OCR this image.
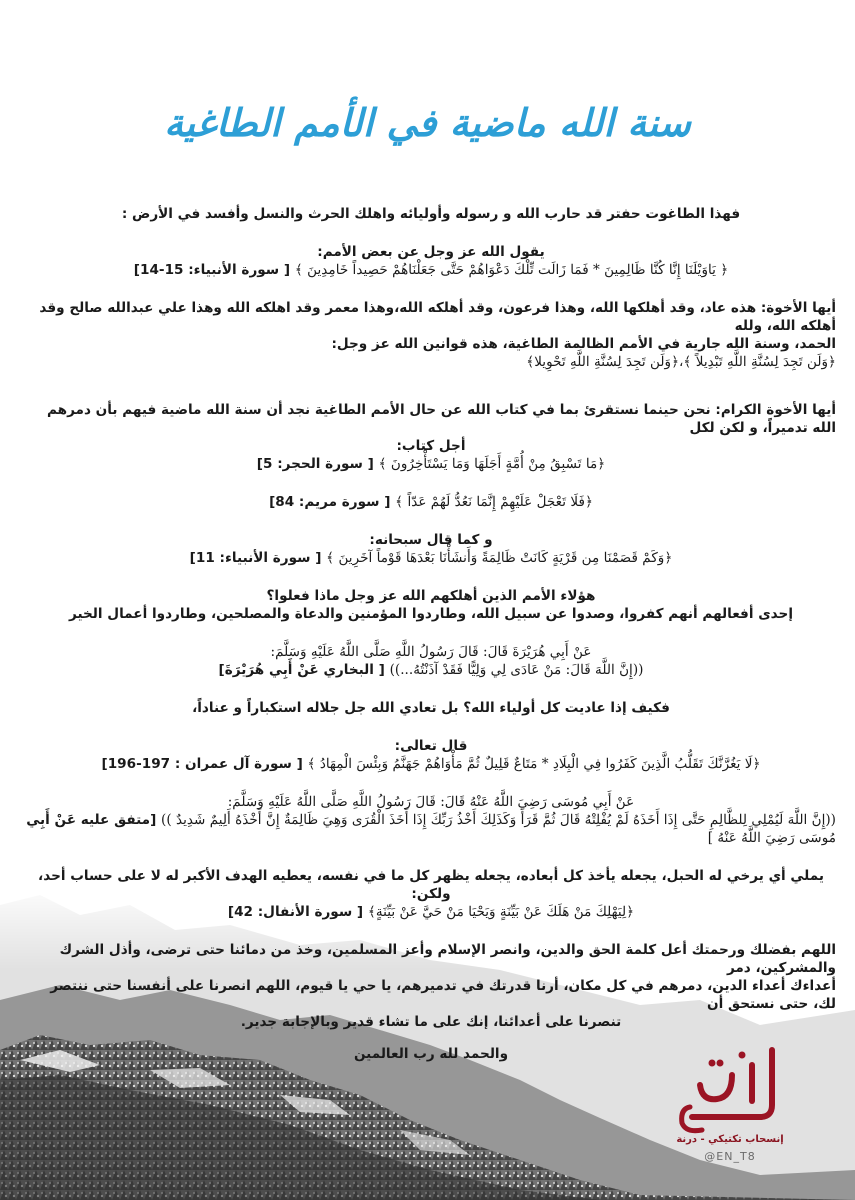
سنة الله ماضية في الأمم الطاغية
فهذا الطاغوت حفتر قد حارب الله و رسوله وأوليائه واهلك الحرث والنسل وأفسد في الأرض :
يقول الله عز وجل عن بعض الأمم:
﴿ يَاوَيْلَنَا إِنَّا كُنَّا ظَالِمِينَ * فَمَا زَالَت تِّلْكَ دَعْوَاهُمْ حَتَّى جَعَلْنَاهُمْ حَصِيداً خَامِدِينَ ﴾ [ سورة الأنبياء: 15-14]
أيها الأخوة: هذه عاد، وقد أهلكها الله، وهذا فرعون، وقد أهلكه الله،وهذا معمر وقد اهلكه الله وهذا علي عبدالله صالح وقد أهلكه الله، ولله
الحمد، وسنة الله جارية في الأمم الظالمة الطاغية، هذه قوانين الله عز وجل:
﴿وَلَن تَجِدَ لِسُنَّةِ اللَّهِ تَبْدِيلاً ﴾،﴿وَلَن تَجِدَ لِسُنَّةِ اللَّهِ تَحْوِيلا﴾
أيها الأخوة الكرام: نحن حينما نستقرئ بما في كتاب الله عن حال الأمم الطاغية نجد أن سنة الله ماضية فيهم بأن دمرهم الله تدميراً، و لكن لكل
أجل كتاب:
﴿مَا تَسْبِقُ مِنْ أُمَّةٍ أَجَلَهَا وَمَا يَسْتَأْخِرُونَ ﴾ [ سورة الحجر: 5]
﴿فَلَا تَعْجَلْ عَلَيْهِمْ إِنَّمَا نَعُدُّ لَهُمْ عَدّاً ﴾ [ سورة مريم: 84]
و كما قال سبحانه:
﴿وَكَمْ قَصَمْنَا مِن قَرْيَةٍ كَانَتْ ظَالِمَةً وَأَنشَأْنَا بَعْدَهَا قَوْماً آخَرِينَ ﴾ [ سورة الأنبياء: 11]
هؤلاء الأمم الذين أهلكهم الله عز وجل ماذا فعلوا؟
إحدى أفعالهم أنهم كفروا، وصدوا عن سبيل الله، وطاردوا المؤمنين والدعاة والمصلحين، وطاردوا أعمال الخير
عَنْ أَبِي هُرَيْرَةَ قَالَ: قَالَ رَسُولُ اللَّهِ صَلَّى اللَّهُ عَلَيْهِ وَسَلَّمَ:
((إِنَّ اللَّهَ قَالَ: مَنْ عَادَى لِي وَلِيًّا فَقَدْ آذَنْتُهُ...)) [ البخاري عَنْ أَبِي هُرَيْرَةَ]
فكيف إذا عاديت كل أولياء الله؟ بل تعادي الله جل جلاله استكباراً و عناداً،
قال تعالى:
﴿لَا يَغُرَّنَّكَ تَقَلُّبُ الَّذِينَ كَفَرُوا فِي الْبِلَادِ * مَتَاعٌ قَلِيلٌ ثُمَّ مَأْوَاهُمْ جَهَنَّمُ وَبِئْسَ الْمِهَادُ ﴾ [ سورة آل عمران : 197-196]
عَنْ أَبِي مُوسَى رَضِيَ اللَّهُ عَنْهُ قَالَ: قَالَ رَسُولُ اللَّهِ صَلَّى اللَّهُ عَلَيْهِ وَسَلَّمَ:
((إِنَّ اللَّهَ لَيُمْلِي لِلظَّالِمِ حَتَّى إِذَا أَخَذَهُ لَمْ يُفْلِتْهُ قَالَ ثُمَّ قَرَأَ وَكَذَلِكَ أَخْذُ رَبِّكَ إِذَا أَخَذَ الْقُرَى وَهِيَ ظَالِمَةٌ إِنَّ أَخْذَهُ أَلِيمٌ شَدِيدٌ )) [متفق عليه عَنْ أَبِي
مُوسَى رَضِيَ اللَّهُ عَنْهُ ]
يملي أي يرخي له الحبل، يجعله يأخذ كل أبعاده، يجعله يظهر كل ما في نفسه، يعطيه الهدف الأكبر له لا على حساب أحد، ولكن:
﴿لِيَهْلِكَ مَنْ هَلَكَ عَنْ بَيِّنَةٍ وَيَحْيَا مَنْ حَيَّ عَنْ بَيِّنَةٍ﴾ [ سورة الأنفال: 42]
اللهم بفضلك ورحمتك أعل كلمة الحق والدين، وانصر الإسلام وأعز المسلمين، وخذ من دمائنا حتى ترضى، وأذل الشرك والمشركين، دمر
أعداءك أعداء الدين، دمرهم في كل مكان، أرنا قدرتك في تدميرهم، يا حي يا قيوم، اللهم انصرنا على أنفسنا حتى ننتصر لك، حتى نستحق أن
تنصرنا على أعدائنا، إنك على ما تشاء قدير وبالإجابة جدير.
والحمد لله رب العالمين
إنسحاب
إنسحاب تكتيكي - درنة
@EN_T8
